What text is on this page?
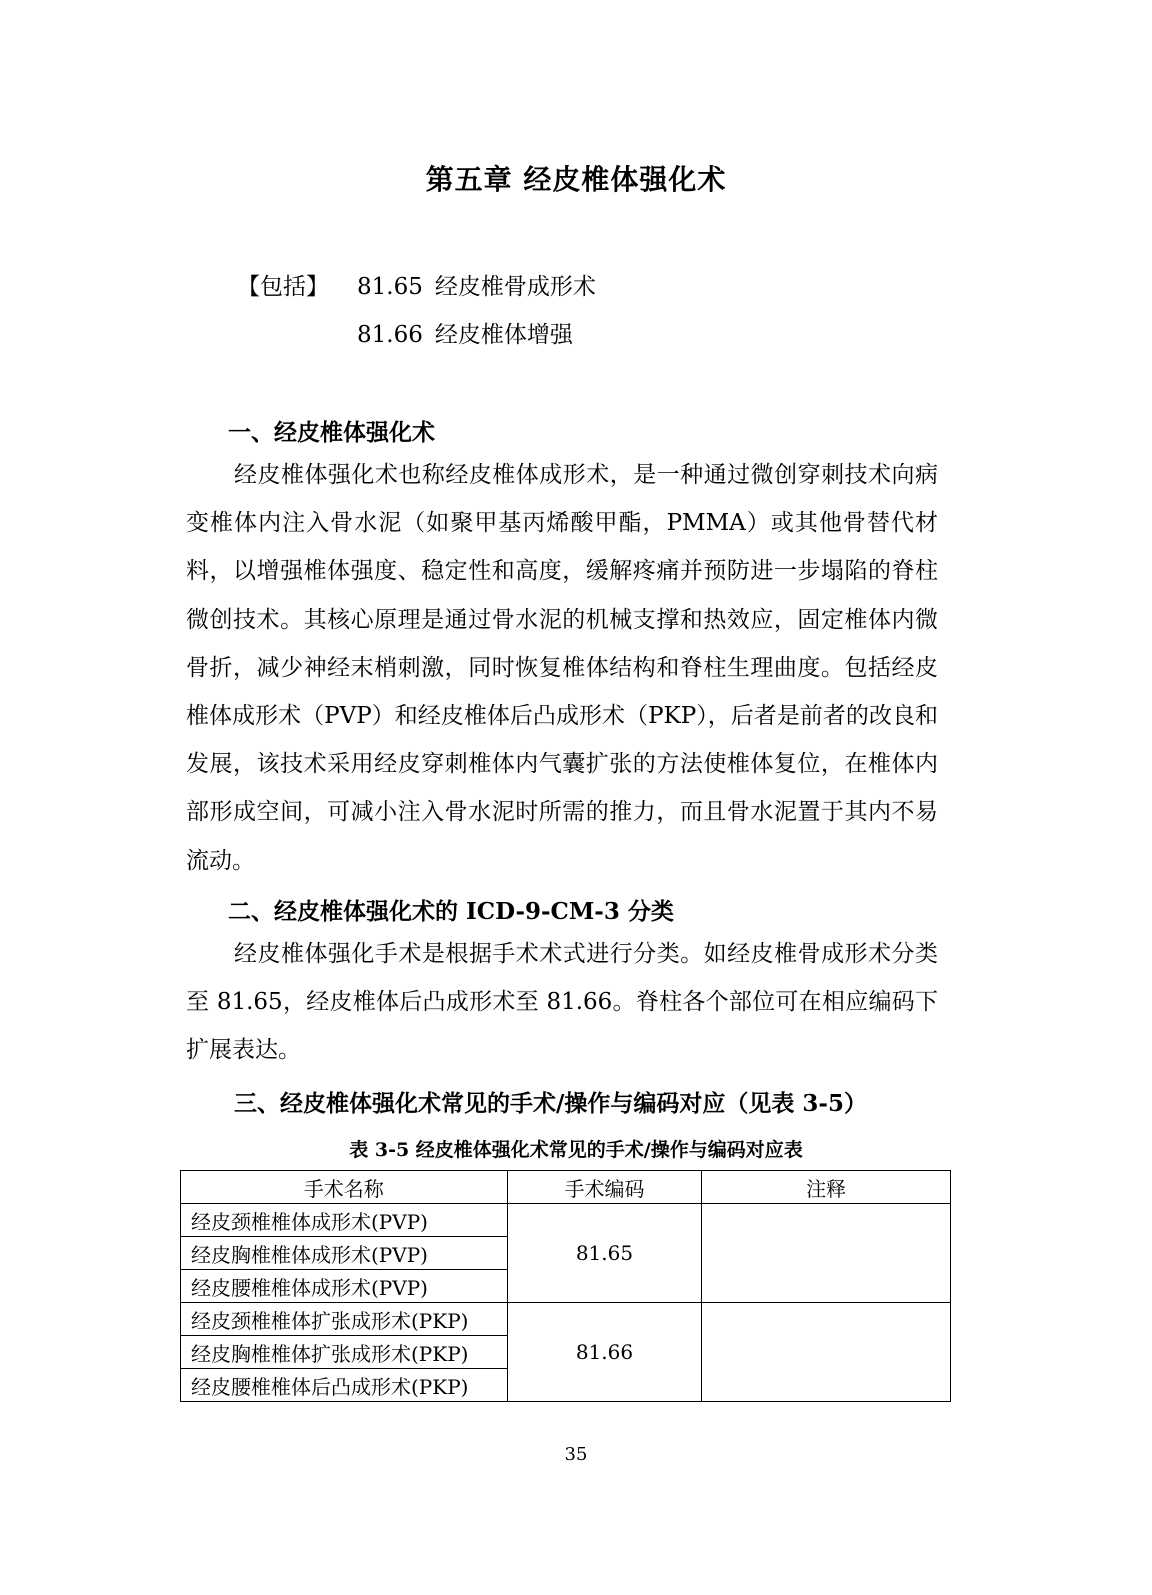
第五章 经皮椎体强化术
【包括】 81.65 经皮椎骨成形术
81.66 经皮椎体增强
一、经皮椎体强化术
经皮椎体强化术也称经皮椎体成形术，是一种通过微创穿刺技术向病变椎体内注入骨水泥（如聚甲基丙烯酸甲酯，PMMA）或其他骨替代材料，以增强椎体强度、稳定性和高度，缓解疼痛并预防进一步塌陷的脊柱微创技术。其核心原理是通过骨水泥的机械支撑和热效应，固定椎体内微骨折，减少神经末梢刺激，同时恢复椎体结构和脊柱生理曲度。包括经皮椎体成形术（PVP）和经皮椎体后凸成形术（PKP），后者是前者的改良和发展，该技术采用经皮穿刺椎体内气囊扩张的方法使椎体复位，在椎体内部形成空间，可减小注入骨水泥时所需的推力，而且骨水泥置于其内不易流动。
二、经皮椎体强化术的 ICD-9-CM-3 分类
经皮椎体强化手术是根据手术术式进行分类。如经皮椎骨成形术分类至 81.65，经皮椎体后凸成形术至 81.66。脊柱各个部位可在相应编码下扩展表达。
三、经皮椎体强化术常见的手术/操作与编码对应（见表 3-5）
表 3-5 经皮椎体强化术常见的手术/操作与编码对应表
手术名称	手术编码	注释
经皮颈椎椎体成形术(PVP)	81.65	
经皮胸椎椎体成形术(PVP)		
经皮腰椎椎体成形术(PVP)		
经皮颈椎椎体扩张成形术(PKP)	81.66	
经皮胸椎椎体扩张成形术(PKP)		
经皮腰椎椎体后凸成形术(PKP)		
35
